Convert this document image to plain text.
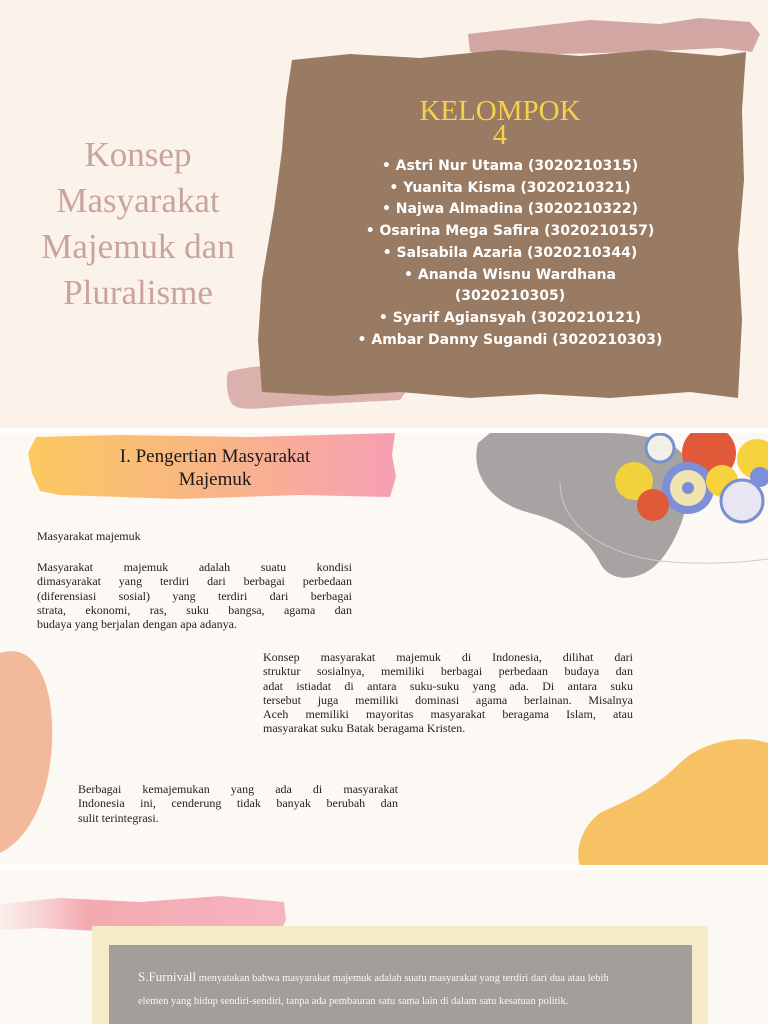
Konsep
Masyarakat
Majemuk dan
Pluralisme
KELOMPOK
4
• Astri Nur Utama (3020210315)
• Yuanita Kisma (3020210321)
• Najwa Almadina (3020210322)
• Osarina Mega Safira (3020210157)
• Salsabila Azaria (3020210344)
• Ananda Wisnu Wardhana (3020210305)
• Syarif Agiansyah (3020210121)
• Ambar Danny Sugandi (3020210303)
I. Pengertian Masyarakat
Majemuk
Masyarakat majemuk
Masyarakat majemuk adalah suatu kondisi
dimasyarakat yang terdiri dari berbagai perbedaan
(diferensiasi sosial) yang terdiri dari berbagai
strata, ekonomi, ras, suku bangsa, agama dan
budaya yang berjalan dengan apa adanya.
Konsep masyarakat majemuk di Indonesia, dilihat dari
struktur sosialnya, memiliki berbagai perbedaan budaya dan
adat istiadat di antara suku-suku yang ada. Di antara suku
tersebut juga memiliki dominasi agama berlainan. Misalnya
Aceh memiliki mayoritas masyarakat beragama Islam, atau
masyarakat suku Batak beragama Kristen.
Berbagai kemajemukan yang ada di masyarakat
Indonesia ini, cenderung tidak banyak berubah dan
sulit terintegrasi.
S.Furnivall menyatakan bahwa masyarakat majemuk adalah suatu masyarakat yang terdiri dari dua atau lebih
elemen yang hidup sendiri-sendiri, tanpa ada pembauran satu sama lain di dalam satu kesatuan politik.
